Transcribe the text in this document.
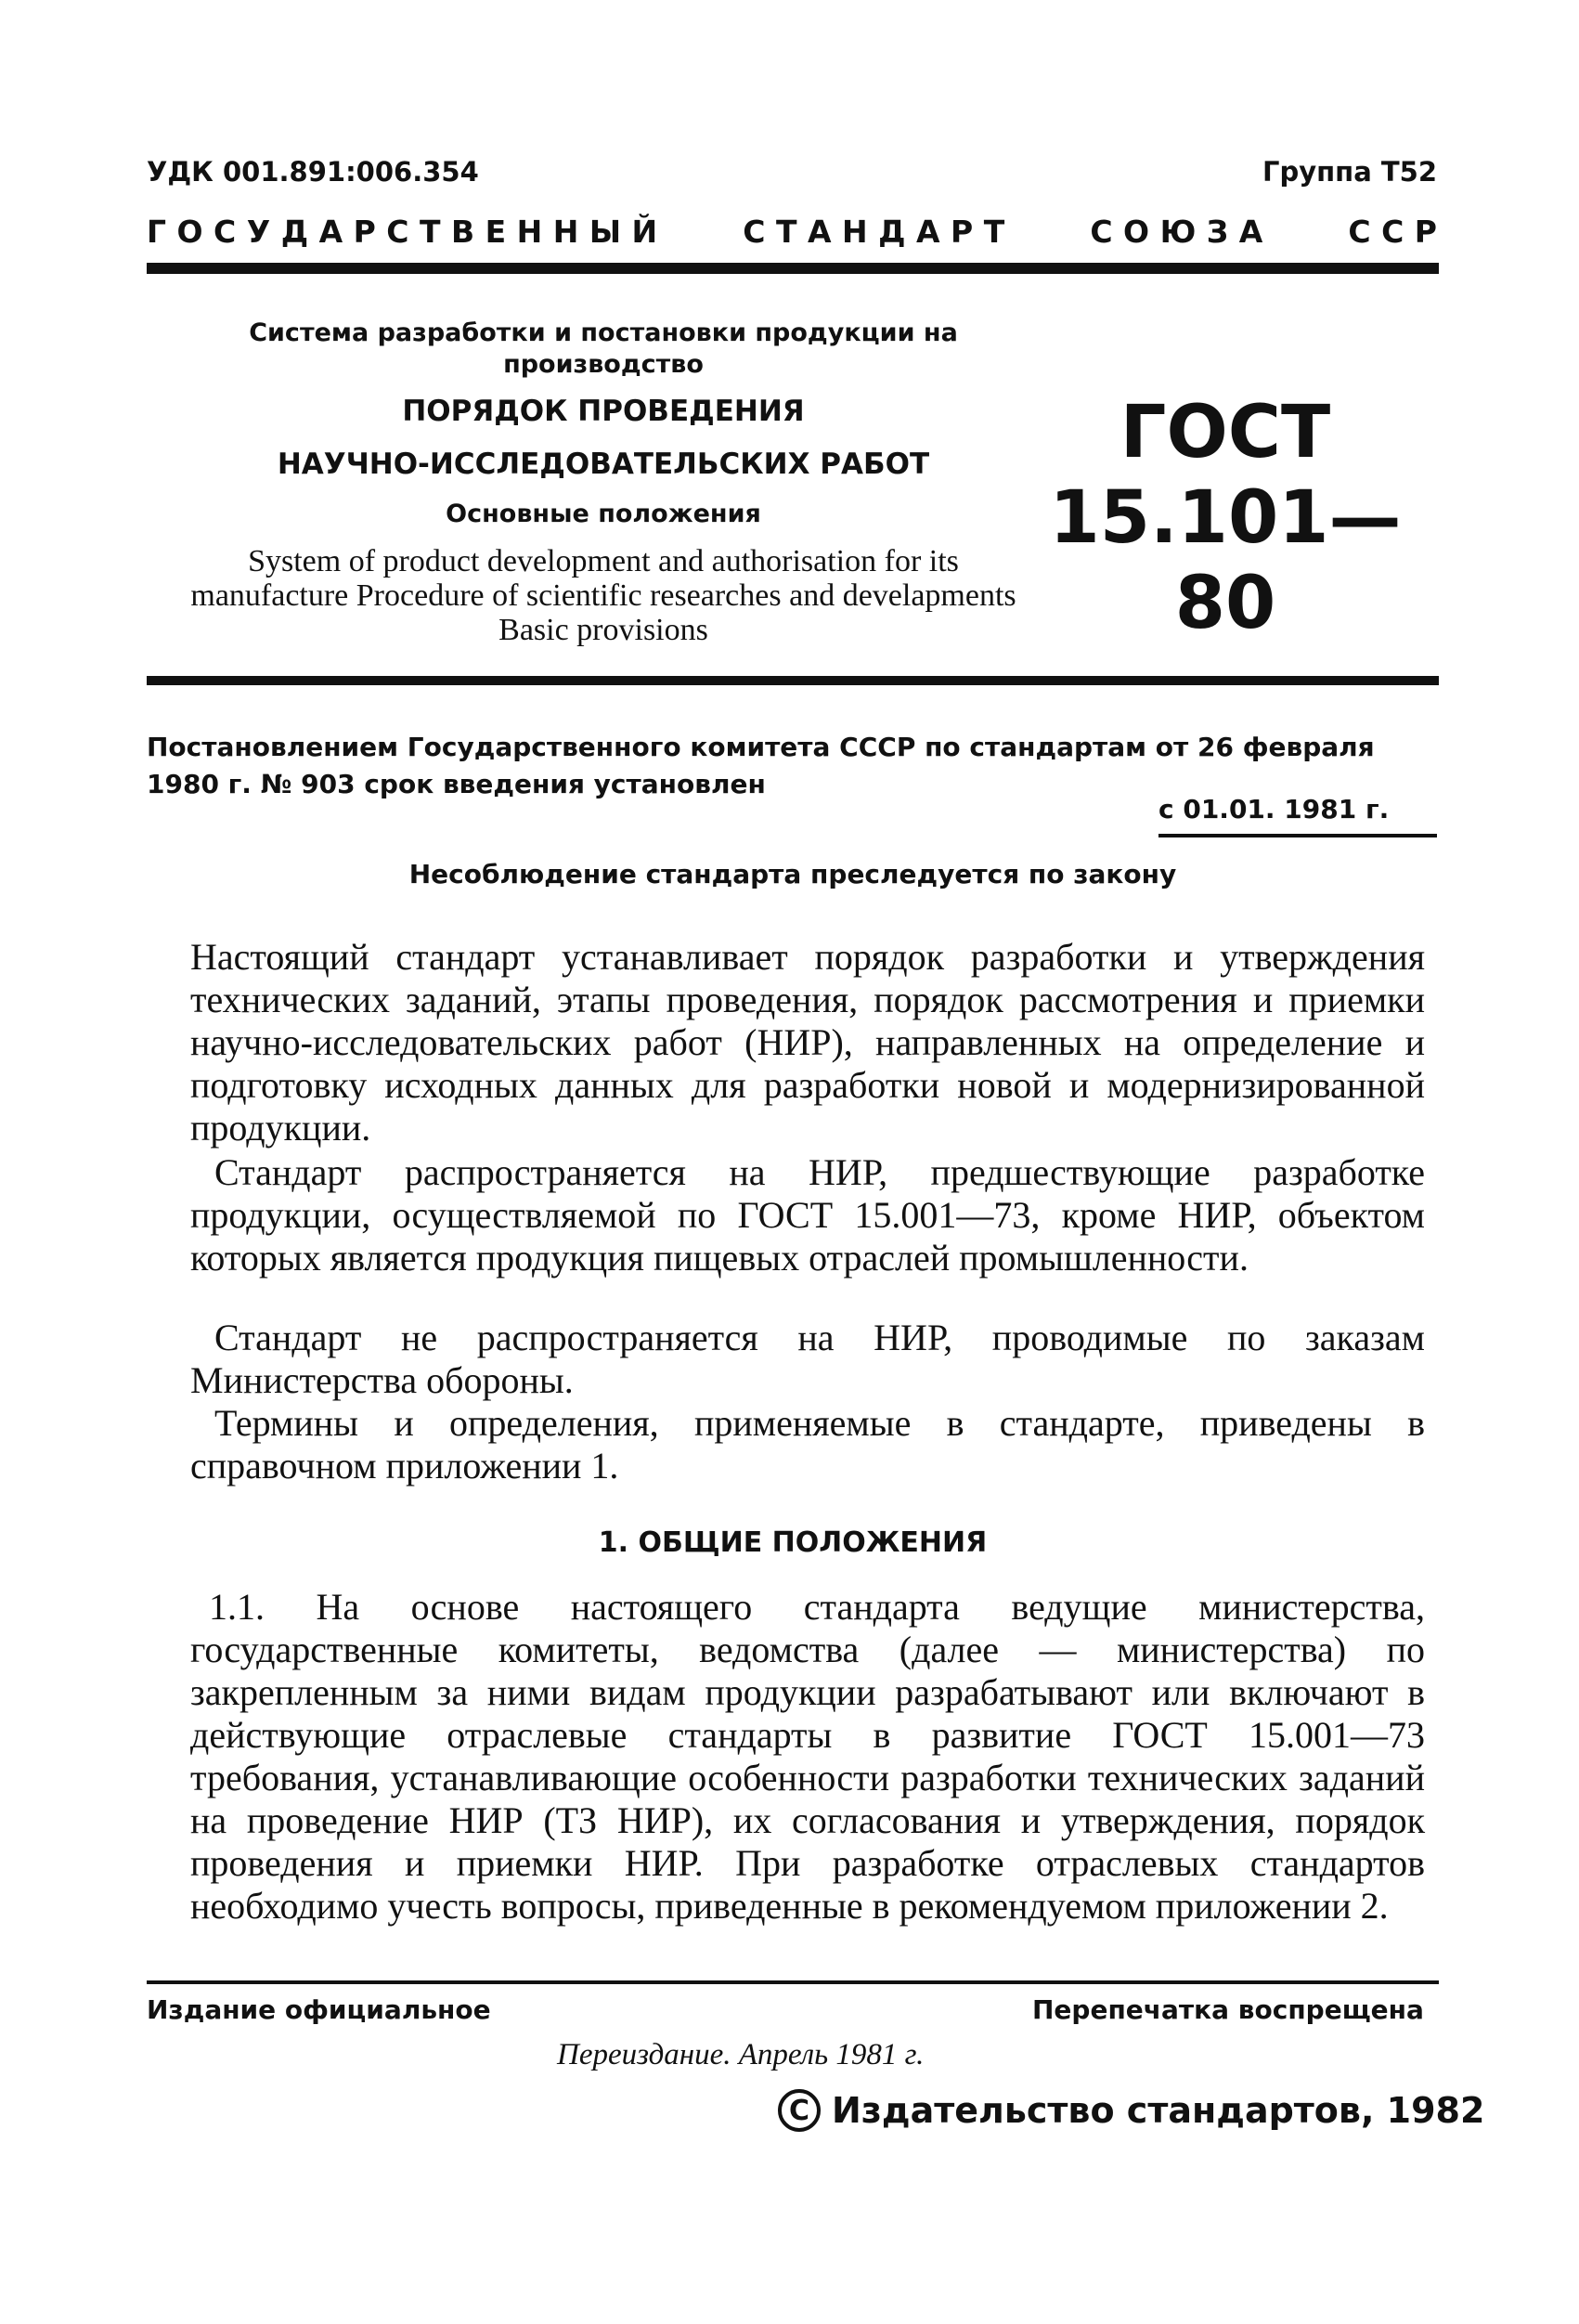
УДК 001.891:006.354	Группа Т52
Г О С У Д А Р С Т В Е Н Н Ы Й	С Т А Н Д А Р Т	С О Ю З А	С С Р
Система разработки и постановки продукции на производство
ПОРЯДОК ПРОВЕДЕНИЯ
НАУЧНО-ИССЛЕДОВАТЕЛЬСКИХ РАБОТ
Основные положения
System of product development and authorisation for its manufacture Procedure of scientific researches and develapments Basic provisions
ГОСТ
15.101—80
Постановлением Государственного комитета СССР по стандартам от 26 февраля 1980 г. № 903 срок введения установлен
с 01.01. 1981 г.
Несоблюдение стандарта преследуется по закону
Настоящий стандарт устанавливает порядок разработки и утверждения технических заданий, этапы проведения, порядок рассмотрения и приемки научно-исследовательских работ (НИР), направленных на определение и подготовку исходных данных для разработки новой и модернизированной продукции.
Стандарт распространяется на НИР, предшествующие разработке продукции, осуществляемой по ГОСТ 15.001—73, кроме НИР, объектом которых является продукция пищевых отраслей промышленности.
Стандарт не распространяется на НИР, проводимые по заказам Министерства обороны.
Термины и определения, применяемые в стандарте, приведены в справочном приложении 1.
1. ОБЩИЕ ПОЛОЖЕНИЯ
1.1. На основе настоящего стандарта ведущие министерства, государственные комитеты, ведомства (далее — министерства) по закрепленным за ними видам продукции разрабатывают или включают в действующие отраслевые стандарты в развитие ГОСТ 15.001—73 требования, устанавливающие особенности разработки технических заданий на проведение НИР (ТЗ НИР), их согласования и утверждения, порядок проведения и приемки НИР. При разработке отраслевых стандартов необходимо учесть вопросы, приведенные в рекомендуемом приложении 2.
Издание официальное	Перепечатка воспрещена
Переиздание. Апрель 1981 г.
С Издательство стандартов, 1982
